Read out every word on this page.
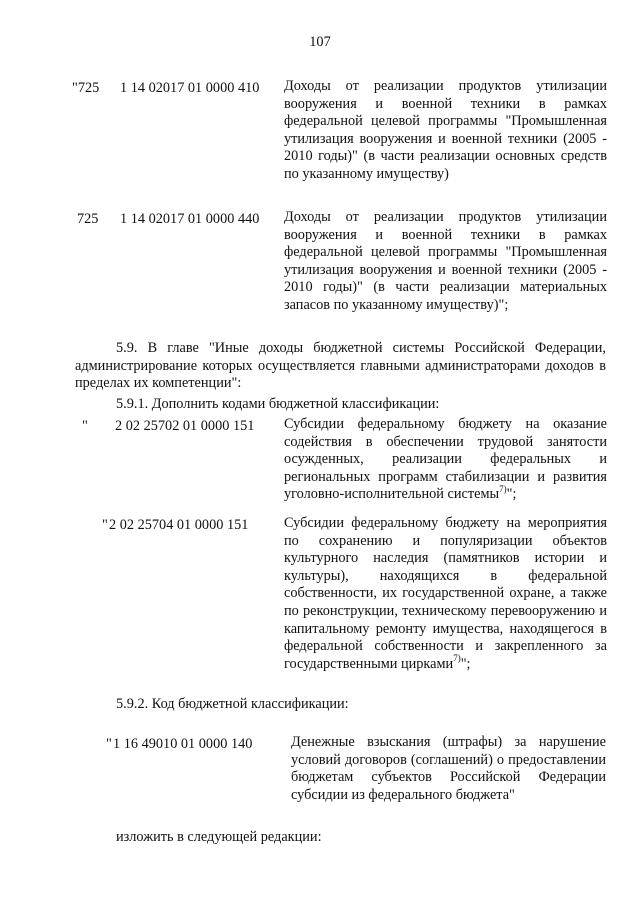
107
"725 1 14 02017 01 0000 410 Доходы от реализации продуктов утилизации вооружения и военной техники в рамках федеральной целевой программы "Промышленная утилизация вооружения и военной техники (2005 - 2010 годы)" (в части реализации основных средств по указанному имуществу)
725 1 14 02017 01 0000 440 Доходы от реализации продуктов утилизации вооружения и военной техники в рамках федеральной целевой программы "Промышленная утилизация вооружения и военной техники (2005 - 2010 годы)" (в части реализации материальных запасов по указанному имуществу)";
5.9. В главе "Иные доходы бюджетной системы Российской Федерации, администрирование которых осуществляется главными администраторами доходов в пределах их компетенции":
5.9.1. Дополнить кодами бюджетной классификации:
" 2 02 25702 01 0000 151 Субсидии федеральному бюджету на оказание содействия в обеспечении трудовой занятости осужденных, реализации федеральных и региональных программ стабилизации и развития уголовно-исполнительной системы$^{7)}$";
" 2 02 25704 01 0000 151 Субсидии федеральному бюджету на мероприятия по сохранению и популяризации объектов культурного наследия (памятников истории и культуры), находящихся в федеральной собственности, их государственной охране, а также по реконструкции, техническому перевооружению и капитальному ремонту имущества, находящегося в федеральной собственности и закрепленного за государственными цирками$^{7)}$";
5.9.2. Код бюджетной классификации:
" 1 16 49010 01 0000 140	Денежные взыскания (штрафы) за нарушение условий договоров (соглашений) о предоставлении бюджетам субъектов Российской Федерации субсидии из федерального бюджета"
изложить в следующей редакции:
